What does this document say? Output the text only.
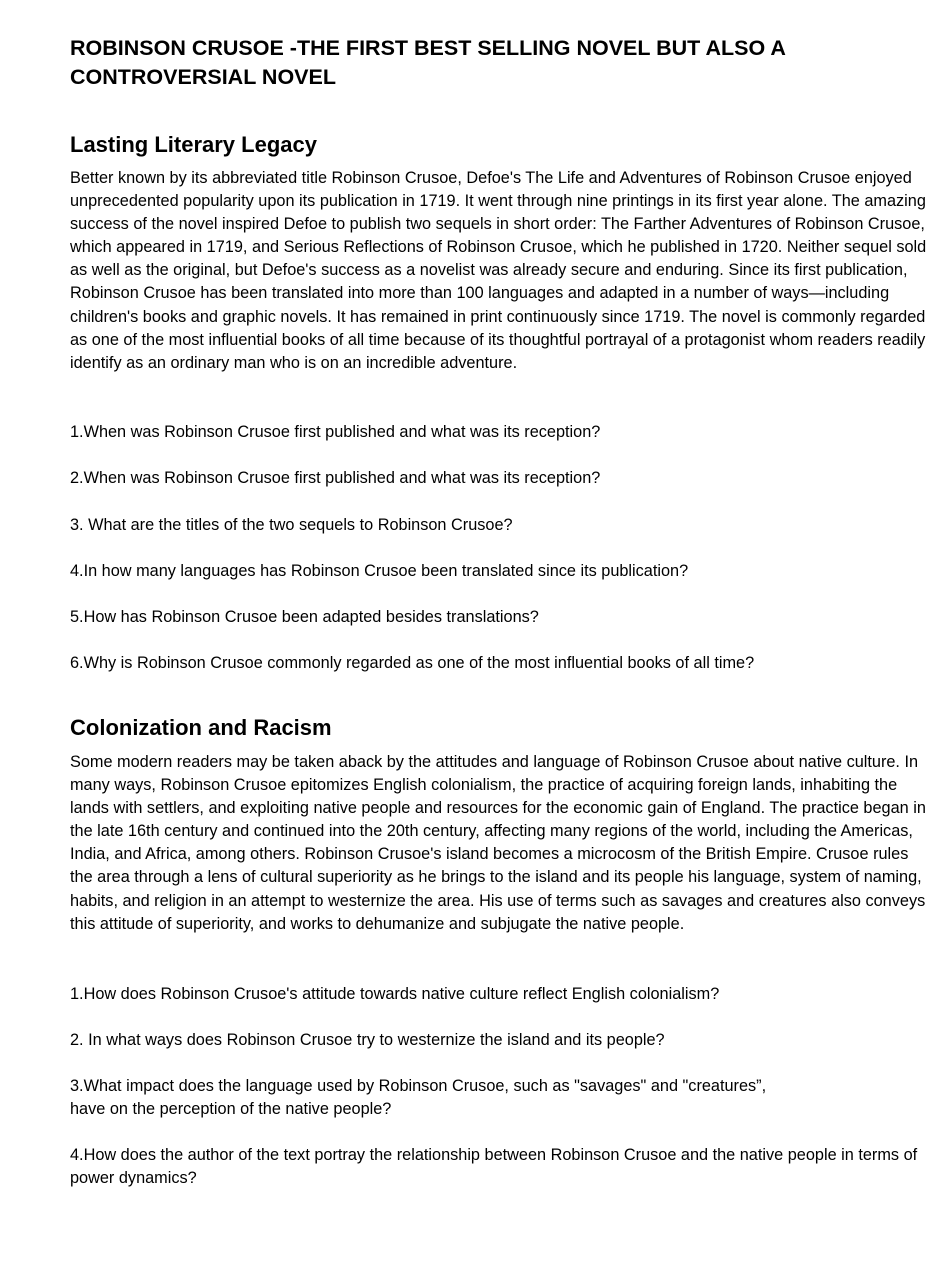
ROBINSON CRUSOE -THE FIRST BEST SELLING NOVEL BUT ALSO A CONTROVERSIAL NOVEL
Lasting Literary Legacy

Better known by its abbreviated title Robinson Crusoe, Defoe's The Life and Adventures of Robinson Crusoe enjoyed unprecedented popularity upon its publication in 1719. It went through nine printings in its first year alone. The amazing success of the novel inspired Defoe to publish two sequels in short order: The Farther Adventures of Robinson Crusoe, which appeared in 1719, and Serious Reflections of Robinson Crusoe, which he published in 1720. Neither sequel sold as well as the original, but Defoe's success as a novelist was already secure and enduring. Since its first publication, Robinson Crusoe has been translated into more than 100 languages and adapted in a number of ways—including children's books and graphic novels. It has remained in print continuously since 1719. The novel is commonly regarded as one of the most influential books of all time because of its thoughtful portrayal of a protagonist whom readers readily identify as an ordinary man who is on an incredible adventure.

1.When was Robinson Crusoe first published and what was its reception?

2.When was Robinson Crusoe first published and what was its reception?

3. What are the titles of the two sequels to Robinson Crusoe?

4.In how many languages has Robinson Crusoe been translated since its publication?

5.How has Robinson Crusoe been adapted besides translations?

6.Why is Robinson Crusoe commonly regarded as one of the most influential books of all time?

Colonization and Racism

Some modern readers may be taken aback by the attitudes and language of Robinson Crusoe about native culture. In many ways, Robinson Crusoe epitomizes English colonialism, the practice of acquiring foreign lands, inhabiting the lands with settlers, and exploiting native people and resources for the economic gain of England. The practice began in the late 16th century and continued into the 20th century, affecting many regions of the world, including the Americas, India, and Africa, among others. Robinson Crusoe's island becomes a microcosm of the British Empire. Crusoe rules the area through a lens of cultural superiority as he brings to the island and its people his language, system of naming, habits, and religion in an attempt to westernize the area. His use of terms such as savages and creatures also conveys this attitude of superiority, and works to dehumanize and subjugate the native people.

1.How does Robinson Crusoe's attitude towards native culture reflect English colonialism?

2. In what ways does Robinson Crusoe try to westernize the island and its people?

3.What impact does the language used by Robinson Crusoe, such as "savages" and "creatures”,
have on the perception of the native people?

4.How does the author of the text portray the relationship between Robinson Crusoe and the native people in terms of power dynamics?
